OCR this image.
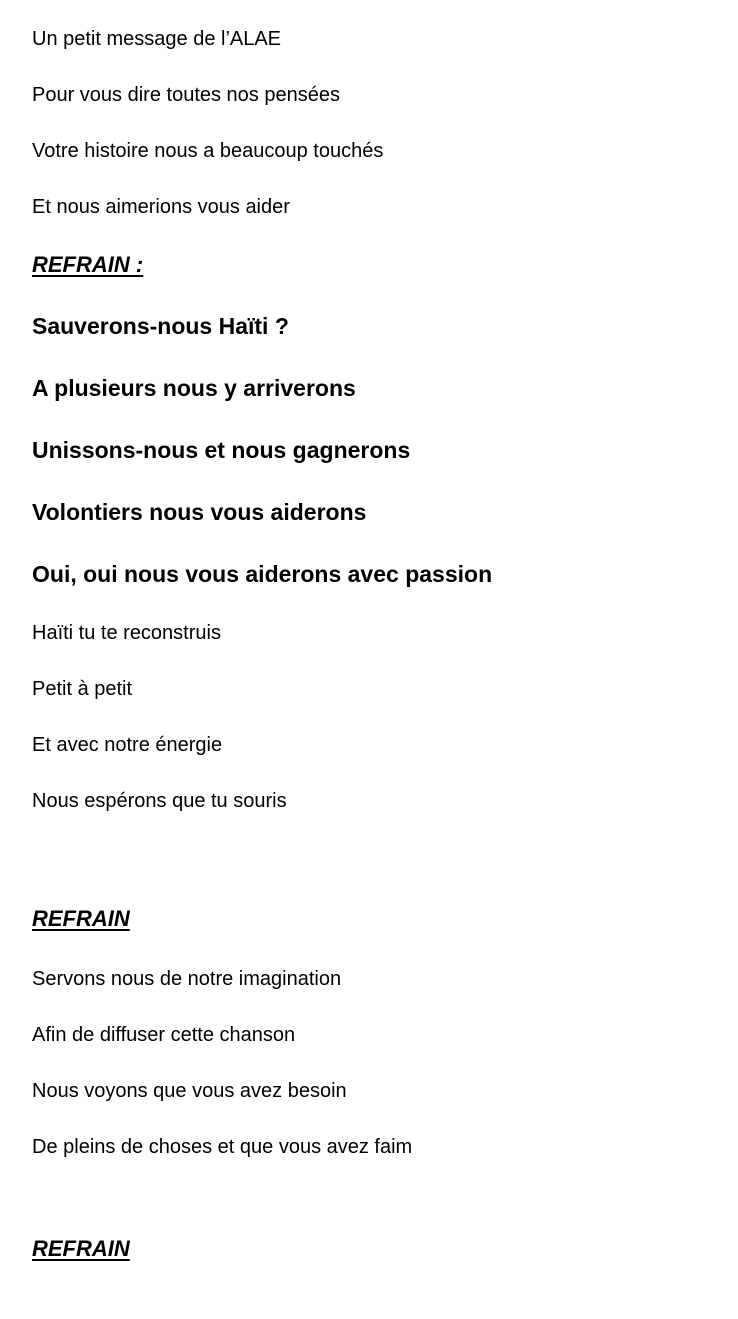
Un petit message de l’ALAE
Pour vous dire toutes nos pensées
Votre histoire nous a beaucoup touchés
Et nous aimerions vous aider
REFRAIN :
Sauverons-nous Haïti ?
A plusieurs nous y arriverons
Unissons-nous et nous gagnerons
Volontiers nous vous aiderons
Oui, oui nous vous aiderons avec passion
Haïti tu te reconstruis
Petit à petit
Et avec notre énergie
Nous espérons que tu souris
REFRAIN
Servons nous de notre imagination
Afin de diffuser cette chanson
Nous voyons que vous avez besoin
De pleins de choses et que vous avez faim
REFRAIN
